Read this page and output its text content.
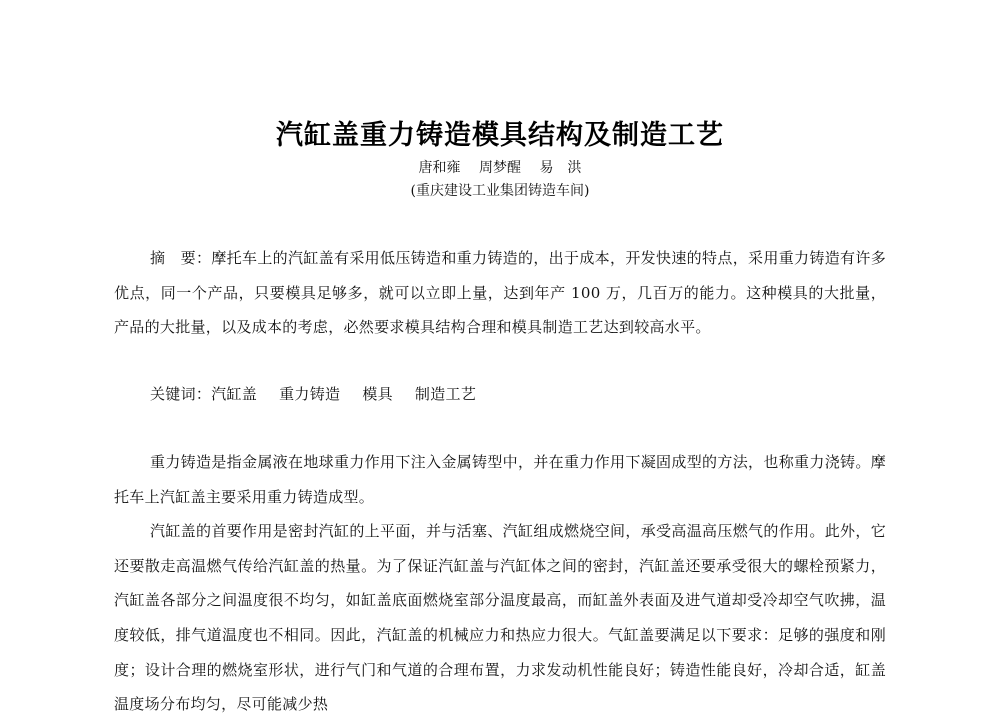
汽缸盖重力铸造模具结构及制造工艺
唐和雍 周梦醒 易　洪
(重庆建设工业集团铸造车间)

摘　要：摩托车上的汽缸盖有采用低压铸造和重力铸造的，出于成本，开发快速的特点，采用重力铸造有许多优点，同一个产品，只要模具足够多，就可以立即上量，达到年产 100 万，几百万的能力。这种模具的大批量，产品的大批量，以及成本的考虑，必然要求模具结构合理和模具制造工艺达到较高水平。

关键词：汽缸盖 重力铸造 模具 制造工艺

重力铸造是指金属液在地球重力作用下注入金属铸型中，并在重力作用下凝固成型的方法，也称重力浇铸。摩托车上汽缸盖主要采用重力铸造成型。

汽缸盖的首要作用是密封汽缸的上平面，并与活塞、汽缸组成燃烧空间，承受高温高压燃气的作用。此外，它还要散走高温燃气传给汽缸盖的热量。为了保证汽缸盖与汽缸体之间的密封，汽缸盖还要承受很大的螺栓预紧力，汽缸盖各部分之间温度很不均匀，如缸盖底面燃烧室部分温度最高，而缸盖外表面及进气道却受冷却空气吹拂，温度较低，排气道温度也不相同。因此，汽缸盖的机械应力和热应力很大。气缸盖要满足以下要求：足够的强度和刚度；设计合理的燃烧室形状，进行气门和气道的合理布置，力求发动机性能良好；铸造性能良好，冷却合适，缸盖温度场分布均匀，尽可能减少热
